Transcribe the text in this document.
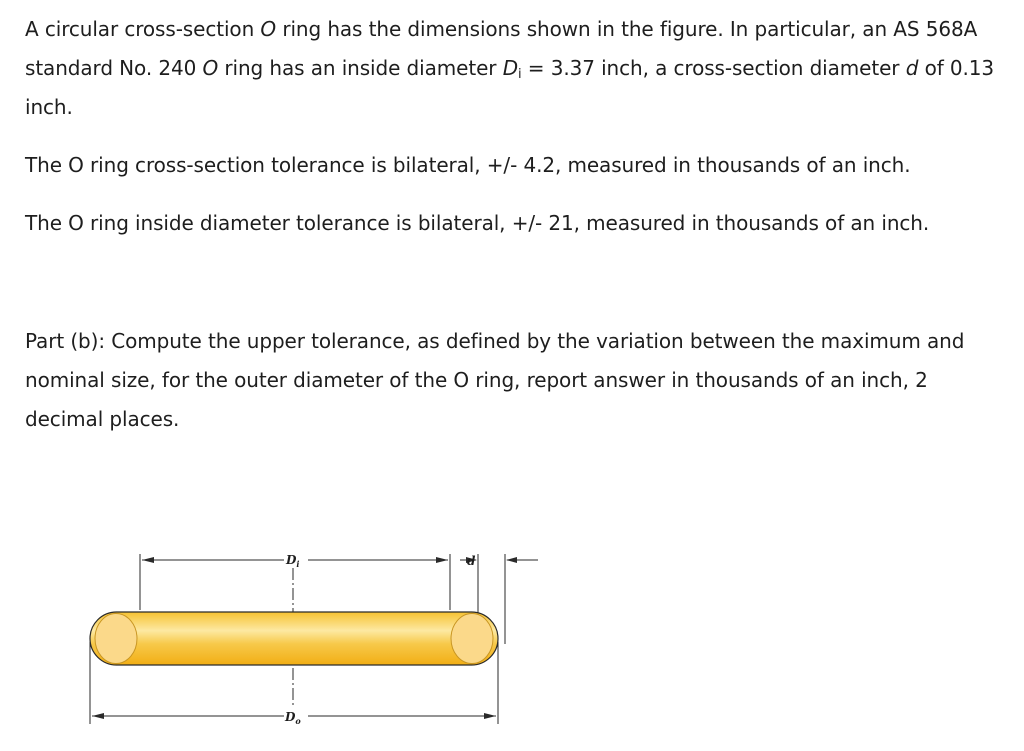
A circular cross-section O ring has the dimensions shown in the figure. In particular, an AS 568A standard No. 240 O ring has an inside diameter $D_i = 3.37$ inch, a cross-section diameter d of 0.13 inch.

The O ring cross-section tolerance is bilateral, +/- 4.2, measured in thousands of an inch.

The O ring inside diameter tolerance is bilateral, +/- 21, measured in thousands of an inch.

Part (b): Compute the upper tolerance, as defined by the variation between the maximum and nominal size, for the outer diameter of the O ring, report answer in thousands of an inch, 2 decimal places.

$D_i$	d
$D_o$
